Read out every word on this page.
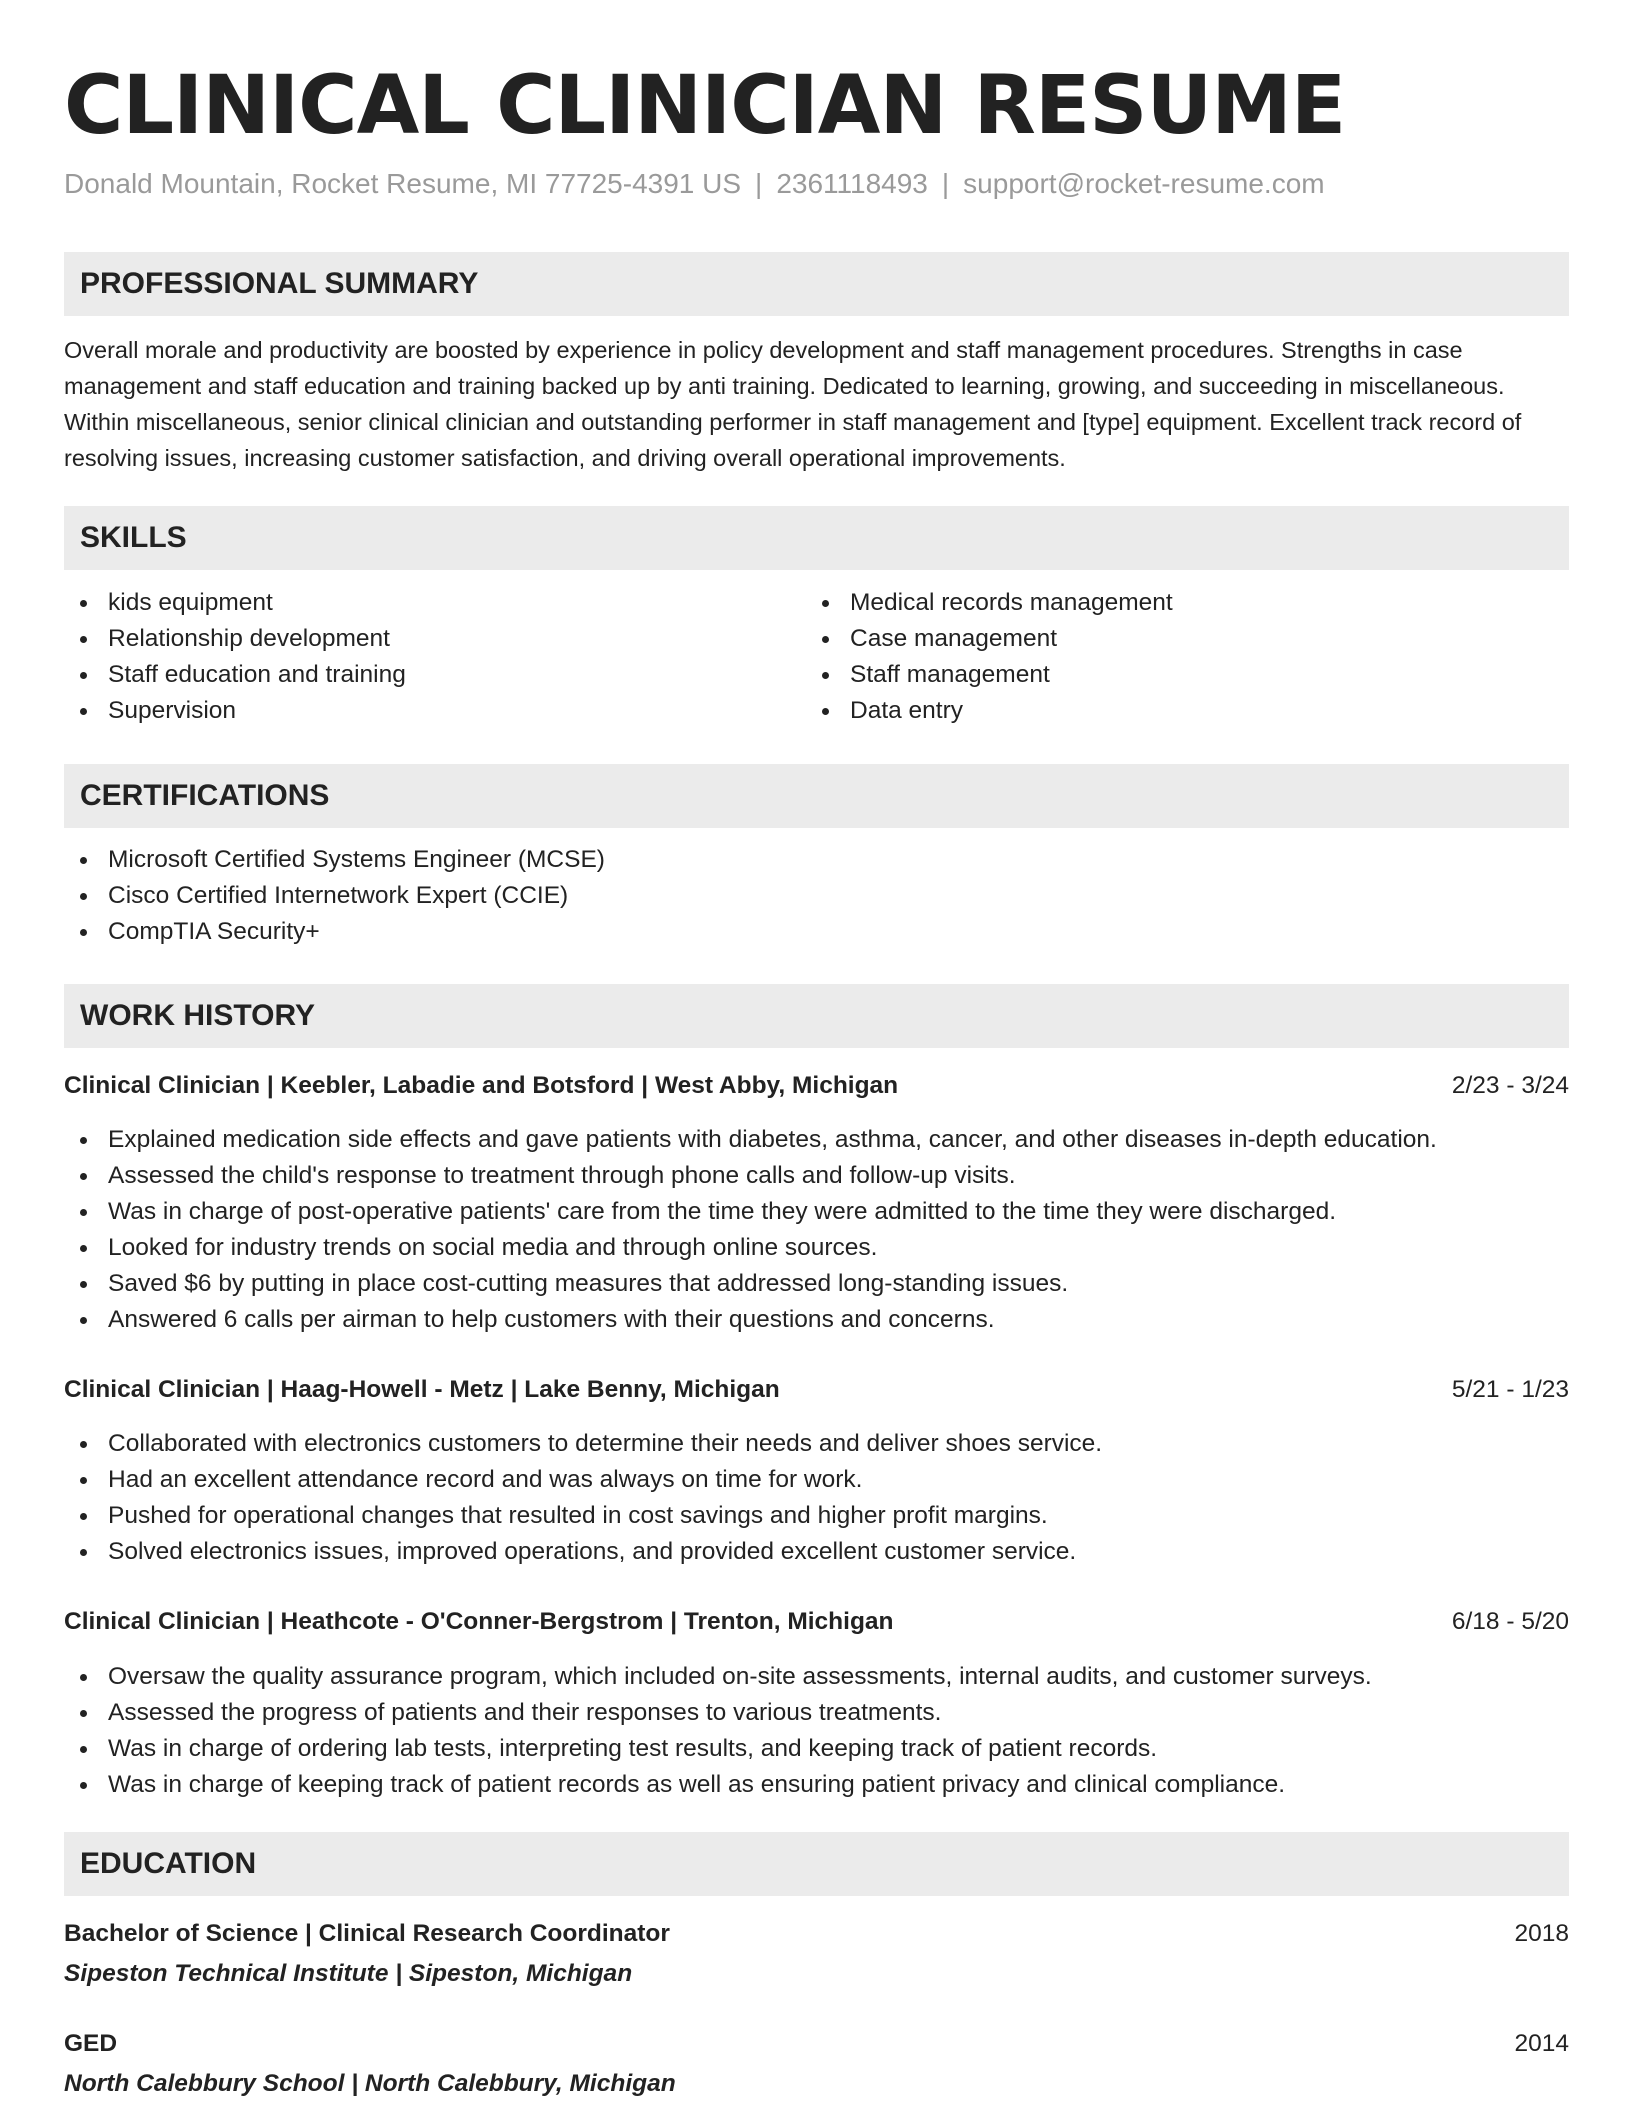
CLINICAL CLINICIAN RESUME
Donald Mountain, Rocket Resume, MI 77725-4391 US | 2361118493 | support@rocket-resume.com
PROFESSIONAL SUMMARY
Overall morale and productivity are boosted by experience in policy development and staff management procedures. Strengths in case management and staff education and training backed up by anti training. Dedicated to learning, growing, and succeeding in miscellaneous. Within miscellaneous, senior clinical clinician and outstanding performer in staff management and [type] equipment. Excellent track record of resolving issues, increasing customer satisfaction, and driving overall operational improvements.
SKILLS
kids equipment
Relationship development
Staff education and training
Supervision
Medical records management
Case management
Staff management
Data entry
CERTIFICATIONS
Microsoft Certified Systems Engineer (MCSE)
Cisco Certified Internetwork Expert (CCIE)
CompTIA Security+
WORK HISTORY
Clinical Clinician | Keebler, Labadie and Botsford | West Abby, Michigan	2/23 - 3/24
Explained medication side effects and gave patients with diabetes, asthma, cancer, and other diseases in-depth education.
Assessed the child's response to treatment through phone calls and follow-up visits.
Was in charge of post-operative patients' care from the time they were admitted to the time they were discharged.
Looked for industry trends on social media and through online sources.
Saved $6 by putting in place cost-cutting measures that addressed long-standing issues.
Answered 6 calls per airman to help customers with their questions and concerns.
Clinical Clinician | Haag-Howell - Metz | Lake Benny, Michigan	5/21 - 1/23
Collaborated with electronics customers to determine their needs and deliver shoes service.
Had an excellent attendance record and was always on time for work.
Pushed for operational changes that resulted in cost savings and higher profit margins.
Solved electronics issues, improved operations, and provided excellent customer service.
Clinical Clinician | Heathcote - O'Conner-Bergstrom | Trenton, Michigan	6/18 - 5/20
Oversaw the quality assurance program, which included on-site assessments, internal audits, and customer surveys.
Assessed the progress of patients and their responses to various treatments.
Was in charge of ordering lab tests, interpreting test results, and keeping track of patient records.
Was in charge of keeping track of patient records as well as ensuring patient privacy and clinical compliance.
EDUCATION
Bachelor of Science | Clinical Research Coordinator	2018
Sipeston Technical Institute | Sipeston, Michigan
GED	2014
North Calebbury School | North Calebbury, Michigan
